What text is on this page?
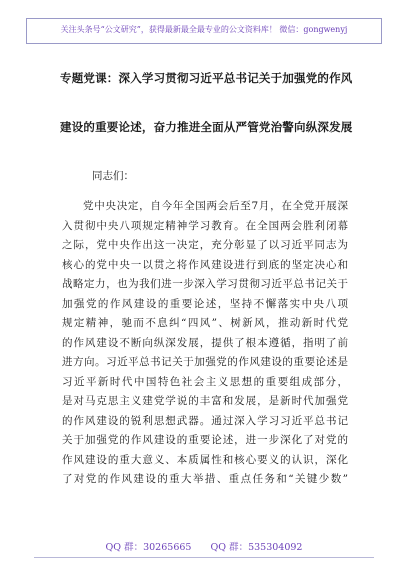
关注头条号“公文研究”，获得最新最全最专业的公文资料库！ 微信：gongwenyj
专题党课：深入学习贯彻习近平总书记关于加强党的作风
建设的重要论述，奋力推进全面从严管党治警向纵深发展
同志们：
党中央决定，自今年全国两会后至7月，在全党开展深
入贯彻中央八项规定精神学习教育。在全国两会胜利闭幕
之际，党中央作出这一决定，充分彰显了以习近平同志为
核心的党中央一以贯之将作风建设进行到底的坚定决心和
战略定力，也为我们进一步深入学习贯彻习近平总书记关于
加强党的作风建设的重要论述，坚持不懈落实中央八项
规定精神，驰而不息纠“四风”、树新风，推动新时代党
的作风建设不断向纵深发展，提供了根本遵循，指明了前
进方向。习近平总书记关于加强党的作风建设的重要论述是
习近平新时代中国特色社会主义思想的重要组成部分，
是对马克思主义建党学说的丰富和发展，是新时代加强党
的作风建设的锐利思想武器。通过深入学习习近平总书记
关于加强党的作风建设的重要论述，进一步深化了对党的
作风建设的重大意义、本质属性和核心要义的认识，深化
了对党的作风建设的重大举措、重点任务和“关键少数”
QQ 群：30265665 QQ 群：535304092
